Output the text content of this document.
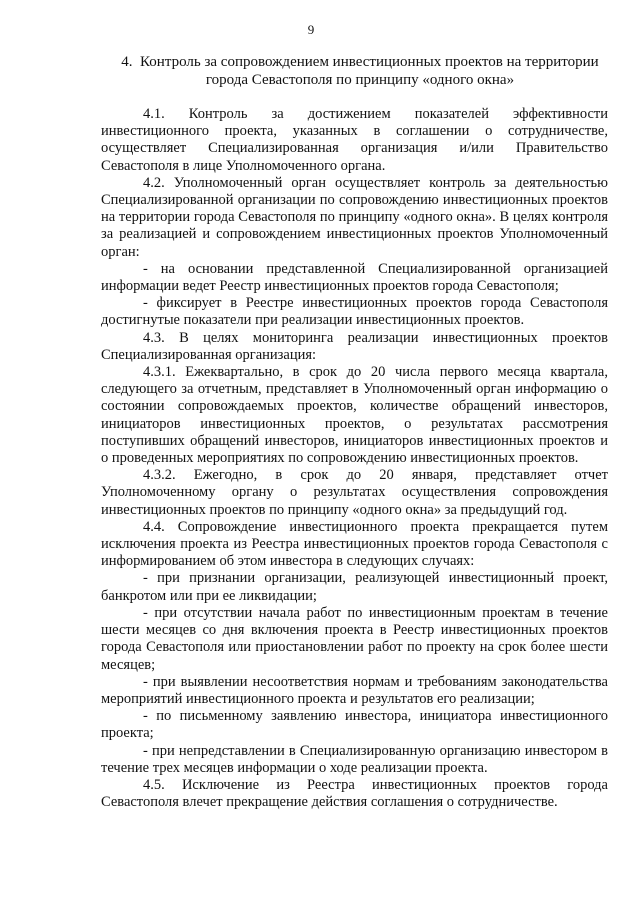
9
4. Контроль за сопровождением инвестиционных проектов на территории
города Севастополя по принципу «одного окна»

4.1. Контроль за достижением показателей эффективности инвестиционного проекта, указанных в соглашении о сотрудничестве, осуществляет Специализированная организация и/или Правительство Севастополя в лице Уполномоченного органа.

4.2. Уполномоченный орган осуществляет контроль за деятельностью Специализированной организации по сопровождению инвестиционных проектов на территории города Севастополя по принципу «одного окна». В целях контроля за реализацией и сопровождением инвестиционных проектов Уполномоченный орган:

- на основании представленной Специализированной организацией информации ведет Реестр инвестиционных проектов города Севастополя;

- фиксирует в Реестре инвестиционных проектов города Севастополя достигнутые показатели при реализации инвестиционных проектов.

4.3. В целях мониторинга реализации инвестиционных проектов Специализированная организация:

4.3.1. Ежеквартально, в срок до 20 числа первого месяца квартала, следующего за отчетным, представляет в Уполномоченный орган информацию о состоянии сопровождаемых проектов, количестве обращений инвесторов, инициаторов инвестиционных проектов, о результатах рассмотрения поступивших обращений инвесторов, инициаторов инвестиционных проектов и о проведенных мероприятиях по сопровождению инвестиционных проектов.

4.3.2. Ежегодно, в срок до 20 января, представляет отчет Уполномоченному органу о результатах осуществления сопровождения инвестиционных проектов по принципу «одного окна» за предыдущий год.

4.4. Сопровождение инвестиционного проекта прекращается путем исключения проекта из Реестра инвестиционных проектов города Севастополя с информированием об этом инвестора в следующих случаях:

- при признании организации, реализующей инвестиционный проект, банкротом или при ее ликвидации;

- при отсутствии начала работ по инвестиционным проектам в течение шести месяцев со дня включения проекта в Реестр инвестиционных проектов города Севастополя или приостановлении работ по проекту на срок более шести месяцев;

- при выявлении несоответствия нормам и требованиям законодательства мероприятий инвестиционного проекта и результатов его реализации;

- по письменному заявлению инвестора, инициатора инвестиционного проекта;

- при непредставлении в Специализированную организацию инвестором в течение трех месяцев информации о ходе реализации проекта.

4.5. Исключение из Реестра инвестиционных проектов города Севастополя влечет прекращение действия соглашения о сотрудничестве.
